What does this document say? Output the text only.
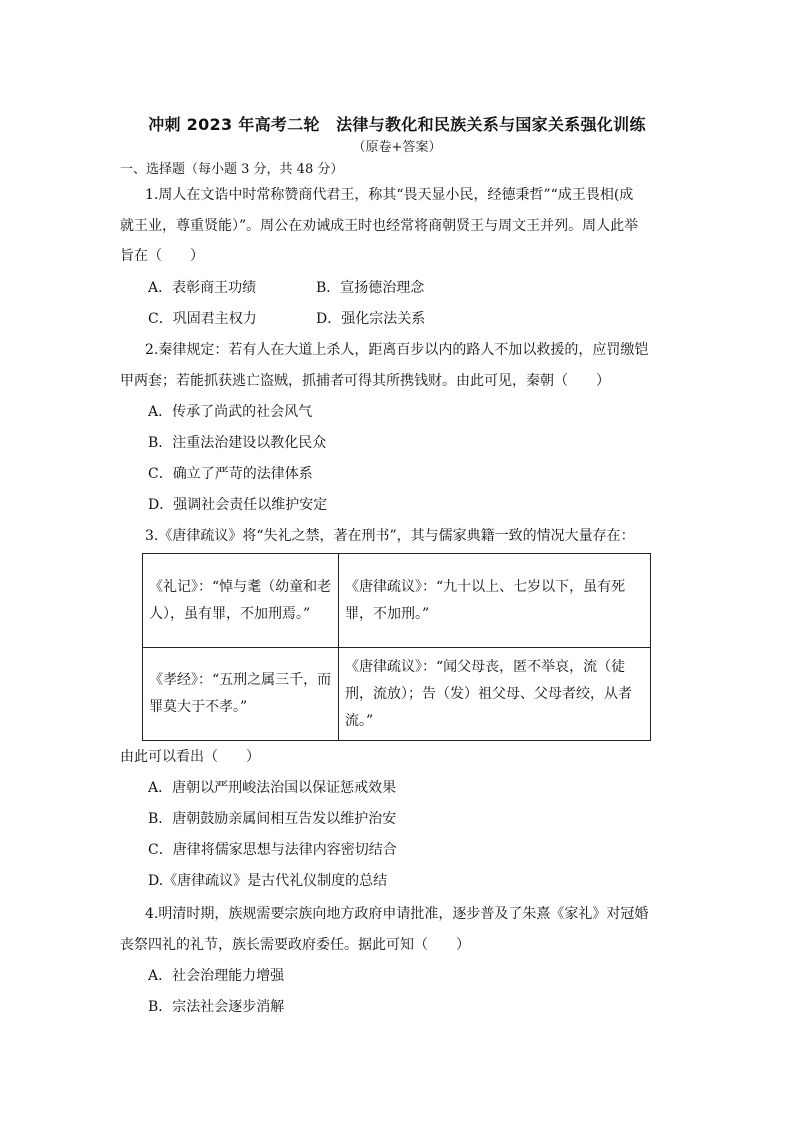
冲刺 2023 年高考二轮　法律与教化和民族关系与国家关系强化训练
（原卷+答案）
一、选择题（每小题 3 分，共 48 分）
1.周人在文诰中时常称赞商代君王，称其“畏天显小民，经德秉哲”“成王畏相(成
就王业，尊重贤能）”。周公在劝诫成王时也经常将商朝贤王与周文王并列。周人此举
旨在（　　）
A．表彰商王功绩	B．宣扬德治理念
C．巩固君主权力	D．强化宗法关系
2.秦律规定：若有人在大道上杀人，距离百步以内的路人不加以救援的，应罚缴铠
甲两套；若能抓获逃亡盗贼，抓捕者可得其所携钱财。由此可见，秦朝（　　）
A．传承了尚武的社会风气
B．注重法治建设以教化民众
C．确立了严苛的法律体系
D．强调社会责任以维护安定
3.《唐律疏议》将“失礼之禁，著在刑书”，其与儒家典籍一致的情况大量存在：
《礼记》：“悼与耄（幼童和老人），虽有罪，不加刑焉。”	《唐律疏议》：“九十以上、七岁以下，虽有死罪，不加刑。”
《孝经》：“五刑之属三千，而罪莫大于不孝。”	《唐律疏议》：“闻父母丧，匿不举哀，流（徒刑，流放）；告（发）祖父母、父母者绞，从者流。”
由此可以看出（　　）
A．唐朝以严刑峻法治国以保证惩戒效果
B．唐朝鼓励亲属间相互告发以维护治安
C．唐律将儒家思想与法律内容密切结合
D.《唐律疏议》是古代礼仪制度的总结
4.明清时期，族规需要宗族向地方政府申请批准，逐步普及了朱熹《家礼》对冠婚
丧祭四礼的礼节，族长需要政府委任。据此可知（　　）
A．社会治理能力增强
B．宗法社会逐步消解
